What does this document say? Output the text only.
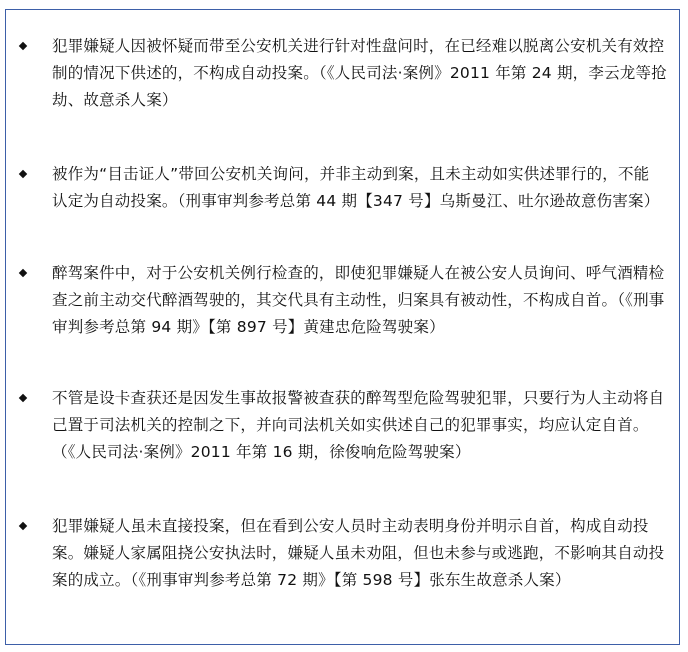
犯罪嫌疑人因被怀疑而带至公安机关进行针对性盘问时，在已经难以脱离公安机关有效控
制的情况下供述的，不构成自动投案。（《人民司法·案例》2011 年第 24 期，李云龙等抢
劫、故意杀人案）
被作为“目击证人”带回公安机关询问，并非主动到案，且未主动如实供述罪行的，不能
认定为自动投案。（刑事审判参考总第 44 期【347 号】乌斯曼江、吐尔逊故意伤害案）
醉驾案件中，对于公安机关例行检查的，即使犯罪嫌疑人在被公安人员询问、呼气酒精检
查之前主动交代醉酒驾驶的，其交代具有主动性，归案具有被动性，不构成自首。（《刑事
审判参考总第 94 期》【第 897 号】黄建忠危险驾驶案）
不管是设卡查获还是因发生事故报警被查获的醉驾型危险驾驶犯罪，只要行为人主动将自
己置于司法机关的控制之下，并向司法机关如实供述自己的犯罪事实，均应认定自首。
（《人民司法·案例》2011 年第 16 期，徐俊响危险驾驶案）
犯罪嫌疑人虽未直接投案，但在看到公安人员时主动表明身份并明示自首，构成自动投
案。嫌疑人家属阻挠公安执法时，嫌疑人虽未劝阻，但也未参与或逃跑，不影响其自动投
案的成立。（《刑事审判参考总第 72 期》【第 598 号】张东生故意杀人案）
